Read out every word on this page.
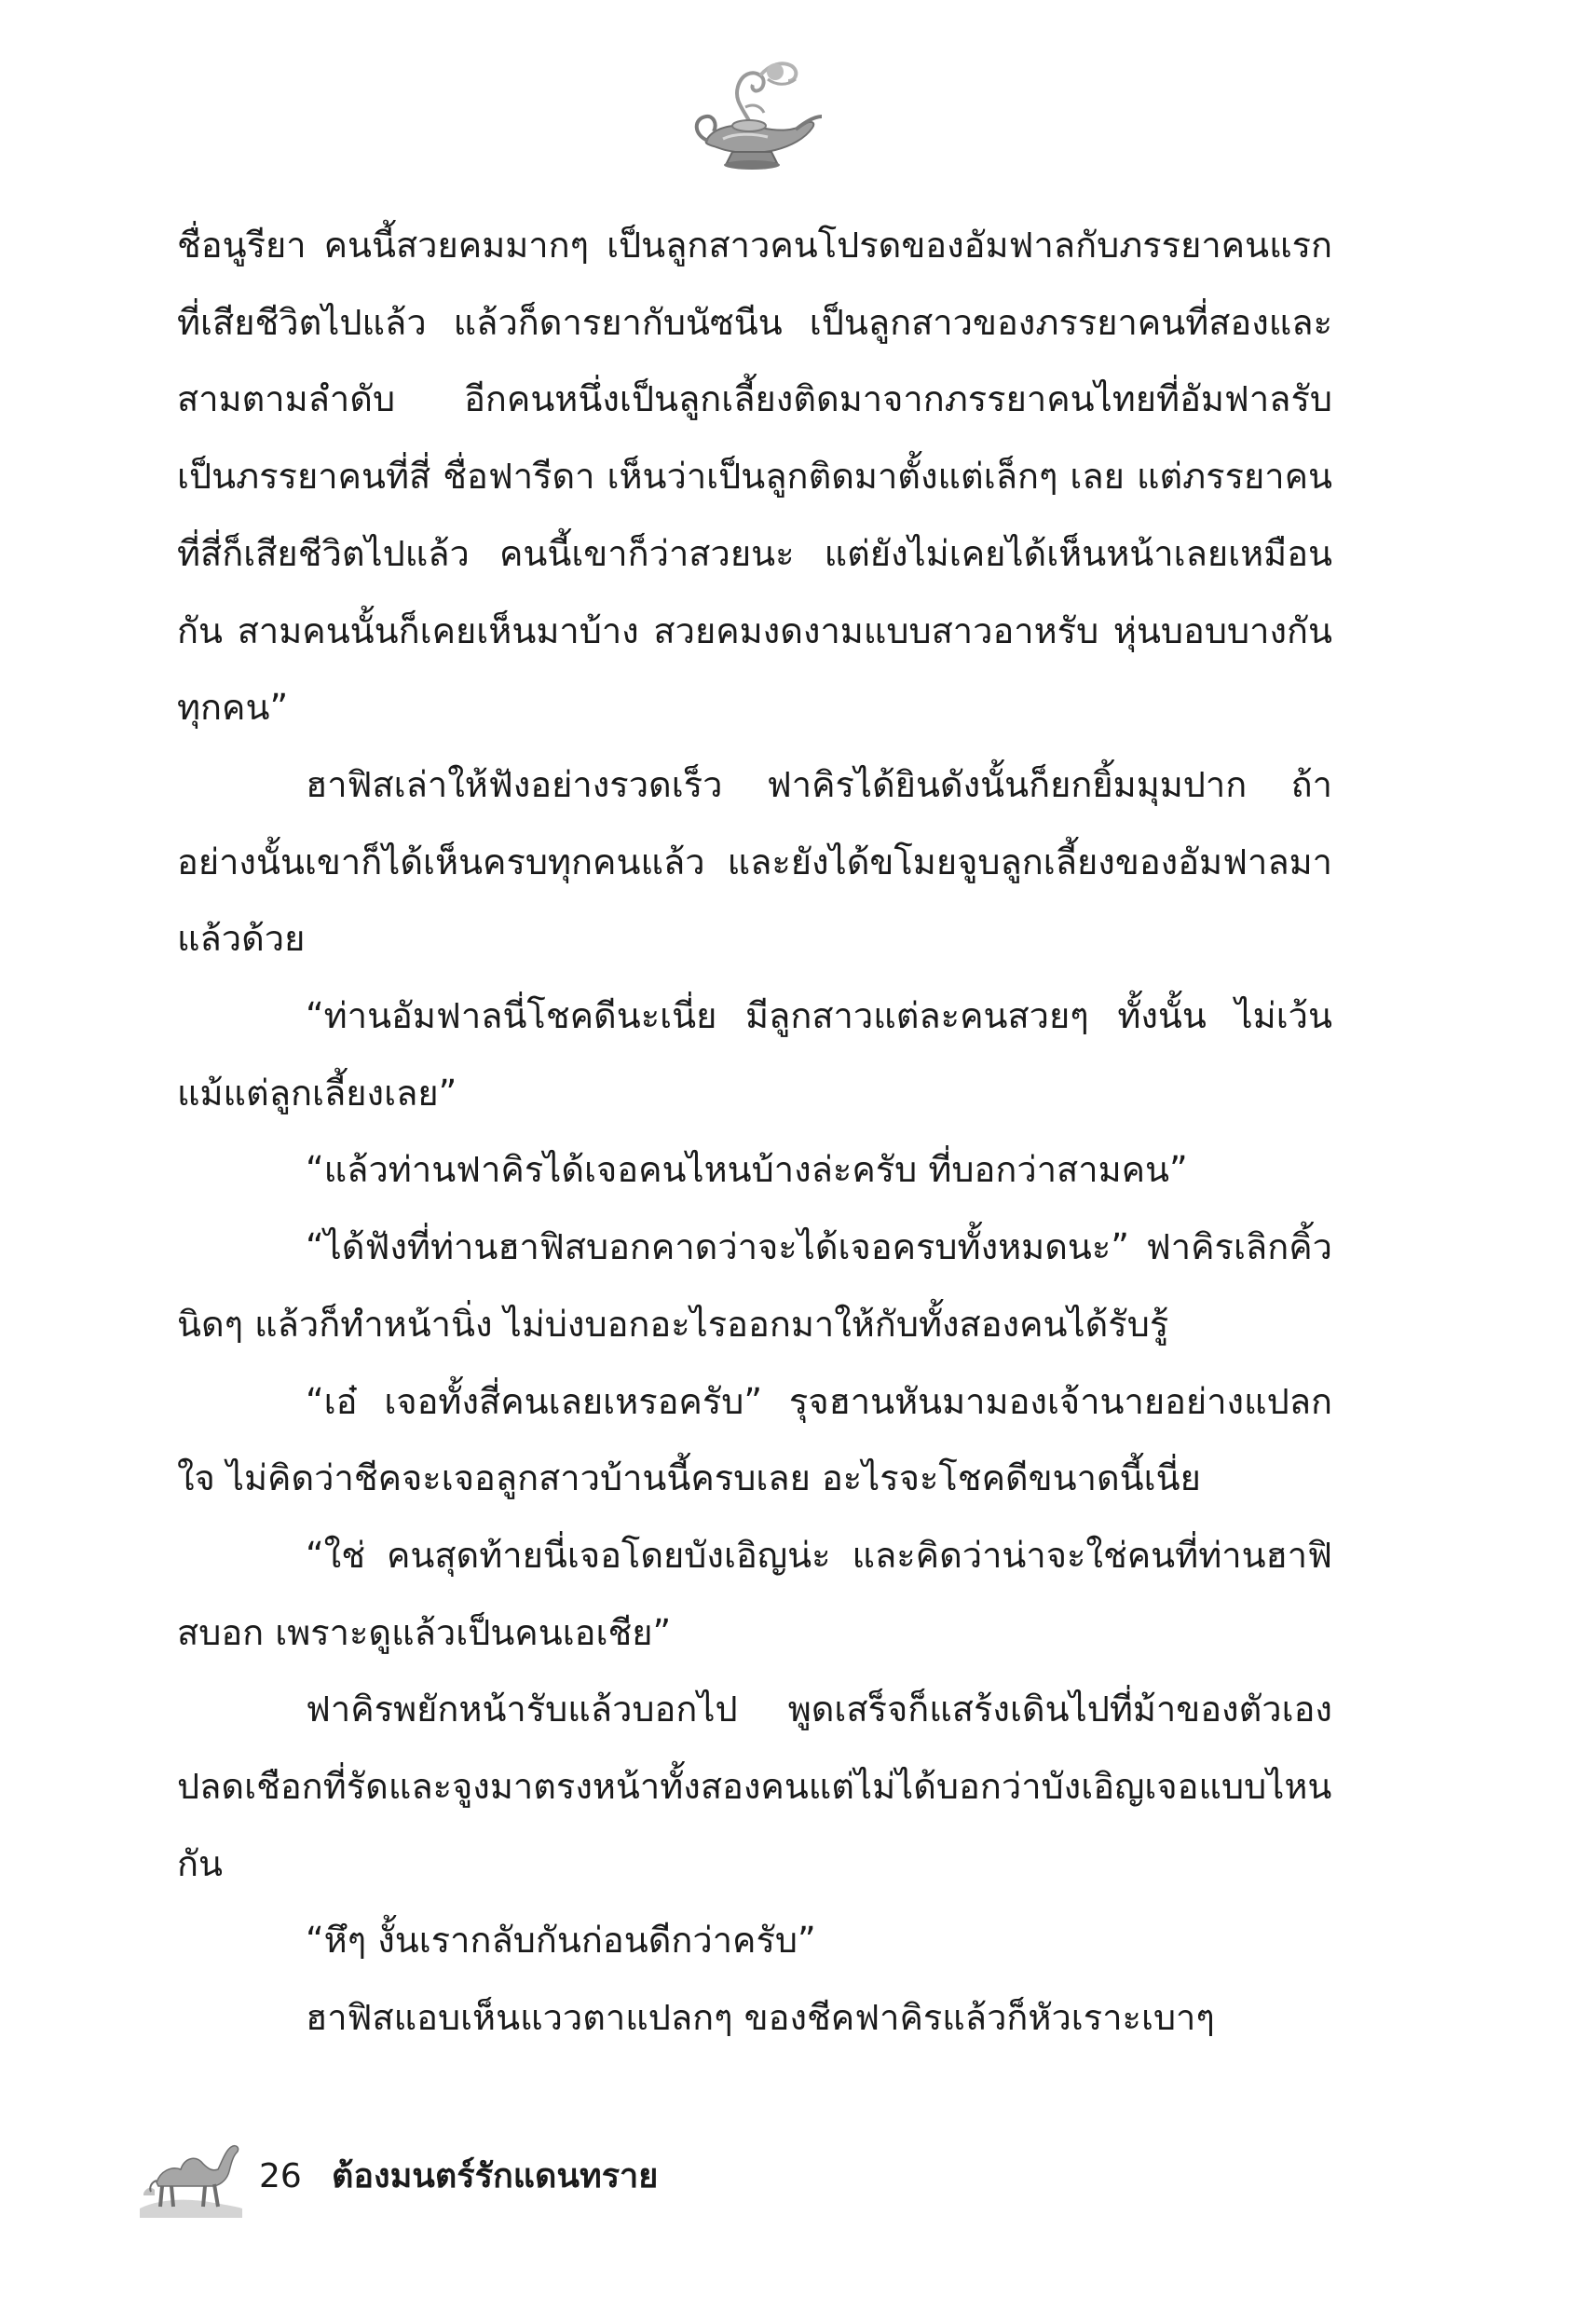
ชื่อนูรียา คนนี้สวยคมมากๆ เป็นลูกสาวคนโปรดของอัมฟาลกับภรรยาคนแรกที่เสียชีวิตไปแล้ว แล้วก็ดารยากับนัซนีน เป็นลูกสาวของภรรยาคนที่สองและสามตามลำดับ อีกคนหนึ่งเป็นลูกเลี้ยงติดมาจากภรรยาคนไทยที่อัมฟาลรับเป็นภรรยาคนที่สี่ ชื่อฟารีดา เห็นว่าเป็นลูกติดมาตั้งแต่เล็กๆ เลย แต่ภรรยาคนที่สี่ก็เสียชีวิตไปแล้ว คนนี้เขาก็ว่าสวยนะ แต่ยังไม่เคยได้เห็นหน้าเลยเหมือนกัน สามคนนั้นก็เคยเห็นมาบ้าง สวยคมงดงามแบบสาวอาหรับ หุ่นบอบบางกันทุกคน”

ฮาฟิสเล่าให้ฟังอย่างรวดเร็ว ฟาคิรได้ยินดังนั้นก็ยกยิ้มมุมปาก ถ้าอย่างนั้นเขาก็ได้เห็นครบทุกคนแล้ว และยังได้ขโมยจูบลูกเลี้ยงของอัมฟาลมาแล้วด้วย

“ท่านอัมฟาลนี่โชคดีนะเนี่ย มีลูกสาวแต่ละคนสวยๆ ทั้งนั้น ไม่เว้นแม้แต่ลูกเลี้ยงเลย”

“แล้วท่านฟาคิรได้เจอคนไหนบ้างล่ะครับ ที่บอกว่าสามคน”

“ได้ฟังที่ท่านฮาฟิสบอกคาดว่าจะได้เจอครบทั้งหมดนะ” ฟาคิรเลิกคิ้วนิดๆ แล้วก็ทำหน้านิ่ง ไม่บ่งบอกอะไรออกมาให้กับทั้งสองคนได้รับรู้

“เอ๋ เจอทั้งสี่คนเลยเหรอครับ” รุจฮานหันมามองเจ้านายอย่างแปลกใจ ไม่คิดว่าชีคจะเจอลูกสาวบ้านนี้ครบเลย อะไรจะโชคดีขนาดนี้เนี่ย

“ใช่ คนสุดท้ายนี่เจอโดยบังเอิญน่ะ และคิดว่าน่าจะใช่คนที่ท่านฮาฟิสบอก เพราะดูแล้วเป็นคนเอเชีย”

ฟาคิรพยักหน้ารับแล้วบอกไป พูดเสร็จก็แสร้งเดินไปที่ม้าของตัวเอง ปลดเชือกที่รัดและจูงมาตรงหน้าทั้งสองคนแต่ไม่ได้บอกว่าบังเอิญเจอแบบไหนกัน

“หึๆ งั้นเรากลับกันก่อนดีกว่าครับ”

ฮาฟิสแอบเห็นแววตาแปลกๆ ของชีคฟาคิรแล้วก็หัวเราะเบาๆ

26 ต้องมนตร์รักแดนทราย
